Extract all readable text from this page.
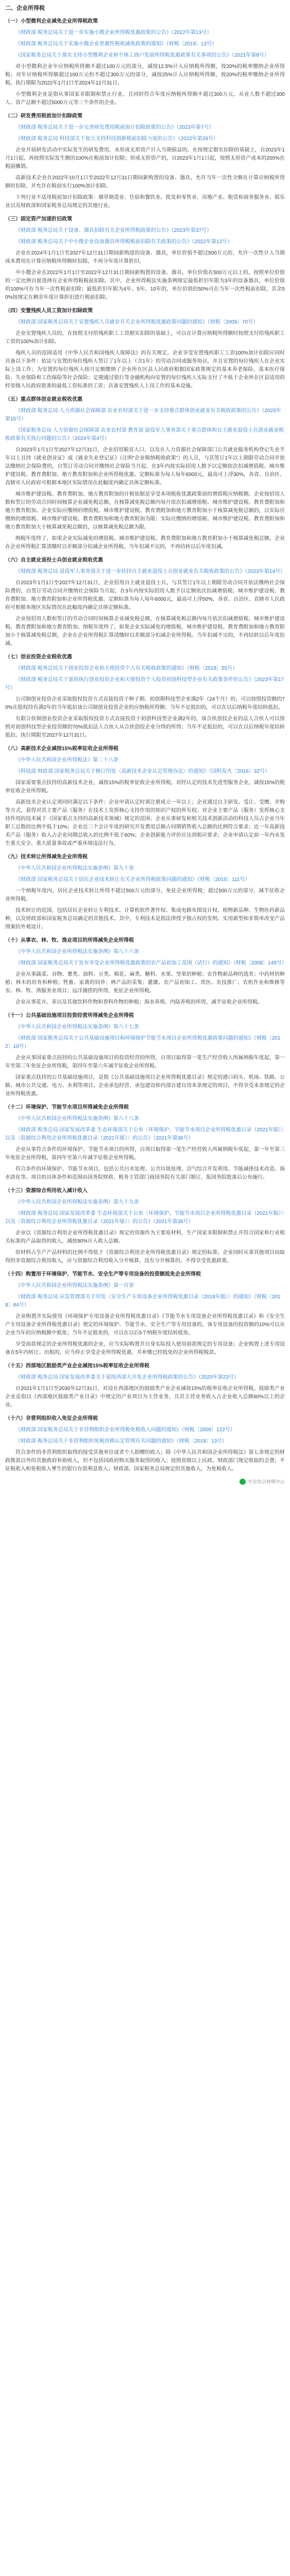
二、企业所得税
（一）小型微利企业减免企业所得税政策
《财政部 税务总局关于进一步实施小微企业所得税优惠政策的公告》（2022年第13号）
《财政部 税务总局关于实施小微企业普惠性税收减免政策的通知》（财税〔2019〕13号）
《国家税务总局关于落实支持小型微利企业和个体工商户发展所得税优惠政策有关事项的公告》（2021年第8号）
对小型微利企业年应纳税所得额不超过100万元的部分，减按12.5%计入应纳税所得额，按20%的税率缴纳企业所得税；对年应纳税所得额超过100万元但不超过300万元的部分，减按25%计入应纳税所得额，按20%的税率缴纳企业所得税。执行期限为2022年1月1日至2024年12月31日。
小型微利企业是指从事国家非限制和禁止行业，且同时符合年度应纳税所得额不超过300万元、从业人数不超过300人、资产总额不超过5000万元等三个条件的企业。
（二）研发费用税前加计扣除政策
《财政部 税务总局关于进一步完善研发费用税前加计扣除政策的公告》（2023年第7号）
《财政部 税务总局 科技部关于加大支持科技创新税前扣除力度的公告》（2022年第28号）
企业开展研发活动中实际发生的研发费用，未形成无形资产计入当期损益的，在按规定据实扣除的基础上，自2023年1月1日起，再按照实际发生额的100%在税前加计扣除；形成无形资产的，自2023年1月1日起，按照无形资产成本的200%在税前摊销。
高新技术企业在2022年10月1日至2022年12月31日期间新购置的设备、器具，允许当年一次性全额在计算应纳税所得额时扣除，并允许在税前实行100%加计扣除。
下列行业不适用税前加计扣除政策：烟草制造业、住宿和餐饮业、批发和零售业、房地产业、租赁和商务服务业、娱乐业以及财政部和国家税务总局规定的其他行业。
（三）固定资产加速折旧政策
《财政部 税务总局关于设备、器具扣除有关企业所得税政策的公告》（2023年第37号）
《财政部 税务总局关于中小微企业设备器具所得税税前扣除有关政策的公告》（2022年第12号）
企业在2024年1月1日至2027年12月31日期间新购进的设备、器具，单位价值不超过500万元的，允许一次性计入当期成本费用在计算应纳税所得额时扣除，不再分年度计算折旧。
中小微企业在2022年1月1日至2022年12月31日期间新购置的设备、器具，单位价值在500万元以上的，按照单位价值的一定比例自愿选择在企业所得税税前扣除。其中，企业所得税法实施条例规定最低折旧年限为3年的设备器具，单位价值的100%可在当年一次性税前扣除；最低折旧年限为4年、5年、10年的，单位价值的50%可在当年一次性税前扣除，其余50%按规定在剩余年度计算折旧进行税前扣除。
（四）安置残疾人员工资加计扣除政策
《财政部 国家税务总局关于安置残疾人员就业有关企业所得税优惠政策问题的通知》（财税〔2009〕70号）
企业安置残疾人员的，在按照支付给残疾职工工资据实扣除的基础上，可以在计算应纳税所得额时按照支付给残疾职工工资的100%加计扣除。
残疾人员的范围适用《中华人民共和国残疾人保障法》的有关规定。企业享受安置残疾职工工资100%加计扣除应同时具备以下条件：依法与安置的每位残疾人签订了1年以上（含1年）的劳动合同或服务协议，并且安置的每位残疾人在企业实际上岗工作；为安置的每位残疾人按月足额缴纳了企业所在区县人民政府根据国家政策规定的基本养老保险、基本医疗保险、失业保险和工伤保险等社会保险；定期通过银行等金融机构向安置的每位残疾人实际支付了不低于企业所在区县适用的经省级人民政府批准的最低工资标准的工资；具备安置残疾人上岗工作的基本设施。
（五）重点群体创业就业税收优惠
《财政部 税务总局 人力资源社会保障部 农业农村部关于进一步支持重点群体创业就业有关税收政策的公告》（2023年第15号）
《国家税务总局 人力资源社会保障部 农业农村部 教育部 退役军人事务部关于重点群体和自主就业退役士兵创业就业税收政策有关执行问题的公告》（2024年第4号）
自2023年1月1日至2027年12月31日，企业招用脱贫人口，以及在人力资源社会保障部门公共就业服务机构登记失业半年以上且持《就业创业证》或《就业失业登记证》（注明“企业吸纳税收政策”）的人员，与其签订1年以上期限劳动合同并依法缴纳社会保险费的，自签订劳动合同并缴纳社会保险当月起，在3年内按实际招用人数予以定额依次扣减增值税、城市维护建设税、教育费附加、地方教育附加和企业所得税优惠。定额标准为每人每年6000元，最高可上浮30%，各省、自治区、直辖市人民政府可根据本地区实际情况在此幅度内确定具体定额标准。
城市维护建设税、教育费附加、地方教育附加的计税依据是享受本项税收优惠政策前的增值税应纳税额。企业按招用人数和签订的劳动合同时间核算企业减免税总额，在核算减免税总额内每月依次扣减增值税、城市维护建设税、教育费附加和地方教育附加。企业实际应缴纳的增值税、城市维护建设税、教育费附加和地方教育附加小于核算减免税总额的，以实际应缴纳的增值税、城市维护建设税、教育费附加和地方教育附加为限；实际应缴纳的增值税、城市维护建设税、教育费附加和地方教育附加大于核算减免税总额的，以核算减免税总额为限。
纳税年度终了，如果企业实际减免的增值税、城市维护建设税、教育费附加和地方教育附加小于核算减免税总额，企业在企业所得税汇算清缴时以差额部分扣减企业所得税。当年扣减不完的，不再结转以后年度扣减。
（六）自主就业退役士兵创业就业税收优惠
《财政部 税务总局 退役军人事务部关于进一步扶持自主就业退役士兵创业就业有关税收政策的公告》（2023年第14号）
自2023年1月1日至2027年12月31日，企业招用自主就业退役士兵，与其签订1年以上期限劳动合同并依法缴纳社会保险费的，自签订劳动合同并缴纳社会保险当月起，在3年内按实际招用人数予以定额依次扣减增值税、城市维护建设税、教育费附加、地方教育附加和企业所得税优惠。定额标准为每人每年6000元，最高可上浮50%，各省、自治区、直辖市人民政府可根据本地区实际情况在此幅度内确定具体定额标准。
企业按招用人数和签订的劳动合同时间核算企业减免税总额，在核算减免税总额内每月依次扣减增值税、城市维护建设税、教育费附加和地方教育附加。纳税年度终了，如果企业实际减免的增值税、城市维护建设税、教育费附加和地方教育附加小于核算减免税总额，企业在企业所得税汇算清缴时以差额部分扣减企业所得税。当年扣减不完的，不再结转以后年度扣减。
（七）创业投资企业税收优惠
《财政部 税务总局关于创业投资企业和天使投资个人有关税收政策的通知》（财税〔2018〕55号）
《财政部 税务总局关于延续执行创业投资企业和天使投资个人投资初创科技型企业有关政策条件的公告》（2023年第17号）
公司制创业投资企业采取股权投资方式直接投资于种子期、初创期科技型企业满2年（24个月）的，可以按照投资额的70%在股权持有满2年的当年抵扣该公司制创业投资企业的应纳税所得额；当年不足抵扣的，可以在以后纳税年度结转抵扣。
有限合伙制创业投资企业采取股权投资方式直接投资于初创科技型企业满2年的，该合伙创投企业的法人合伙人可以按照对初创科技型企业投资额的70%抵扣法人合伙人从合伙创投企业分得的所得；当年不足抵扣的，可以在以后纳税年度结转抵扣。执行期限至2027年12月31日。
（八）高新技术企业减按15%税率征收企业所得税
《中华人民共和国企业所得税法》第二十八条
《科技部 财政部 国家税务总局关于修订印发〈高新技术企业认定管理办法〉的通知》（国科发火〔2016〕32号）
国家需要重点扶持的高新技术企业，减按15%的税率征收企业所得税。对经认定的技术先进型服务企业，减按15%的税率征收企业所得税。
高新技术企业认定须同时满足以下条件：企业申请认定时须注册成立一年以上；企业通过自主研发、受让、受赠、并购等方式，获得对其主要产品（服务）在技术上发挥核心支持作用的知识产权的所有权；对企业主要产品（服务）发挥核心支持作用的技术属于《国家重点支持的高新技术领域》规定的范围；企业从事研发和相关技术创新活动的科技人员占企业当年职工总数的比例不低于10%；企业近三个会计年度的研究开发费用总额占同期销售收入总额的比例符合要求；近一年高新技术产品（服务）收入占企业同期总收入的比例不低于60%；企业创新能力评价应达到相应要求；企业申请认定前一年内未发生重大安全、重大质量事故或严重环境违法行为。
（九）技术转让所得减免企业所得税
《中华人民共和国企业所得税法实施条例》第九十条
《财政部 国家税务总局关于居民企业技术转让有关企业所得税政策问题的通知》（财税〔2010〕111号）
一个纳税年度内，居民企业技术转让所得不超过500万元的部分，免征企业所得税；超过500万元的部分，减半征收企业所得税。
技术转让的范围，包括居民企业转让专利技术、计算机软件著作权、集成电路布图设计权、植物新品种、生物医药新品种，以及财政部和国家税务总局确定的其他技术。其中，专利技术是指法律授予独占权的发明、实用新型和非简单改变产品图案的外观设计。
（十）从事农、林、牧、渔业项目的所得减免企业所得税
《中华人民共和国企业所得税法实施条例》第八十六条
《财政部 国家税务总局关于发布享受企业所得税优惠政策的农产品初加工范围（试行）的通知》（财税〔2008〕149号）
企业从事蔬菜、谷物、薯类、油料、豆类、棉花、麻类、糖料、水果、坚果的种植；农作物新品种的选育；中药材的种植；林木的培育和种植；牲畜、家禽的饲养；林产品的采集；灌溉、农产品初加工、兽医、农技推广、农机作业和维修等农、林、牧、渔服务业项目；远洋捕捞的所得，免征企业所得税。
企业从事花卉、茶以及其他饮料作物和香料作物的种植；海水养殖、内陆养殖的所得，减半征收企业所得税。
（十一）公共基础设施项目投资经营所得减免企业所得税
《中华人民共和国企业所得税法实施条例》第八十七条
《财政部 国家税务总局关于公共基础设施项目和环境保护节能节水项目企业所得税优惠政策问题的通知》（财税〔2012〕10号）
企业从事国家重点扶持的公共基础设施项目的投资经营的所得，自项目取得第一笔生产经营收入所属纳税年度起，第一年至第三年免征企业所得税，第四年至第六年减半征收企业所得税。
国家重点扶持的公共基础设施项目，是指《公共基础设施项目企业所得税优惠目录》规定的港口码头、机场、铁路、公路、城市公共交通、电力、水利等项目。企业承包经营、承包建设和内部自建自用本条规定的项目，不得享受本条规定的企业所得税优惠。
（十二）环境保护、节能节水项目所得减免企业所得税
《中华人民共和国企业所得税法实施条例》第八十八条
《财政部 税务总局 国家发展改革委 生态环境部关于公布〈环境保护、节能节水项目企业所得税优惠目录（2021年版）〉以及〈资源综合利用企业所得税优惠目录（2021年版）〉的公告》（2021年第36号）
企业从事符合条件的环境保护、节能节水项目的所得，自项目取得第一笔生产经营收入所属纳税年度起，第一年至第三年免征企业所得税，第四年至第六年减半征收企业所得税。
符合条件的环境保护、节能节水项目，包括公共污水处理、公共垃圾处理、沼气综合开发利用、节能减排技术改造、海水淡化等。项目的具体条件和范围由国务院财政、税务主管部门商国务院有关部门制订，报国务院批准后公布施行。
（十三）资源综合利用收入减计收入
《中华人民共和国企业所得税法实施条例》第九十九条
《财政部 税务总局 国家发展改革委 生态环境部关于公布〈环境保护、节能节水项目企业所得税优惠目录（2021年版）〉以及〈资源综合利用企业所得税优惠目录（2021年版）〉的公告》（2021年第36号）
企业以《资源综合利用企业所得税优惠目录》规定的资源作为主要原材料，生产国家非限制和禁止并符合国家和行业相关标准的产品取得的收入，减按90%计入收入总额。
原材料占生产产品材料的比例不得低于《资源综合利用企业所得税优惠目录》规定的标准。企业同时从事其他项目而取得的非资源综合利用收入，应与资源综合利用收入分开核算，没有分开核算的，不得享受优惠政策。
（十四）购置用于环境保护、节能节水、安全生产等专用设备的投资额抵免企业所得税
《中华人民共和国企业所得税法实施条例》第一百条
《财政部 税务总局 应急管理部关于印发〈安全生产专用设备企业所得税优惠目录（2018年版）〉的通知》（财税〔2018〕84号）
企业购置并实际使用《环境保护专用设备企业所得税优惠目录》《节能节水专用设备企业所得税优惠目录》和《安全生产专用设备企业所得税优惠目录》规定的环境保护、节能节水、安全生产等专用设备的，该专用设备的投资额的10%可以从企业当年的应纳税额中抵免；当年不足抵免的，可以在以后5个纳税年度结转抵免。
享受前款规定的企业所得税优惠的企业，应当实际购置并自身实际投入使用前款规定的专用设备；企业购置上述专用设备在5年内转让、出租的，应当停止享受企业所得税优惠，并补缴已经抵免的企业所得税税款。
（十五）西部地区鼓励类产业企业减按15%税率征收企业所得税
《财政部 税务总局 国家发展改革委关于延续西部大开发企业所得税政策的公告》（2020年第23号）
自2021年1月1日至2030年12月31日，对设在西部地区的鼓励类产业企业减按15%的税率征收企业所得税。鼓励类产业企业是指以《西部地区鼓励类产业目录》中规定的产业项目为主营业务，且其主营业务收入占企业收入总额60%以上的企业。
（十六）非营利组织收入免征企业所得税
《财政部 国家税务总局关于非营利组织企业所得税免税收入问题的通知》（财税〔2009〕122号）
《财政部 税务总局关于非营利组织免税资格认定管理有关问题的通知》（财税〔2018〕13号）
符合条件的非营利组织取得的接受其他单位或者个人捐赠的收入；除《中华人民共和国企业所得税法》第七条规定的财政拨款以外的其他政府补助收入，但不包括因政府购买服务取得的收入；按照省级以上民政、财政部门规定收取的会费；不征税收入和免税收入孳生的银行存款利息收入；财政部、国家税务总局规定的其他收入，为免税收入。
中企协会财税中心
